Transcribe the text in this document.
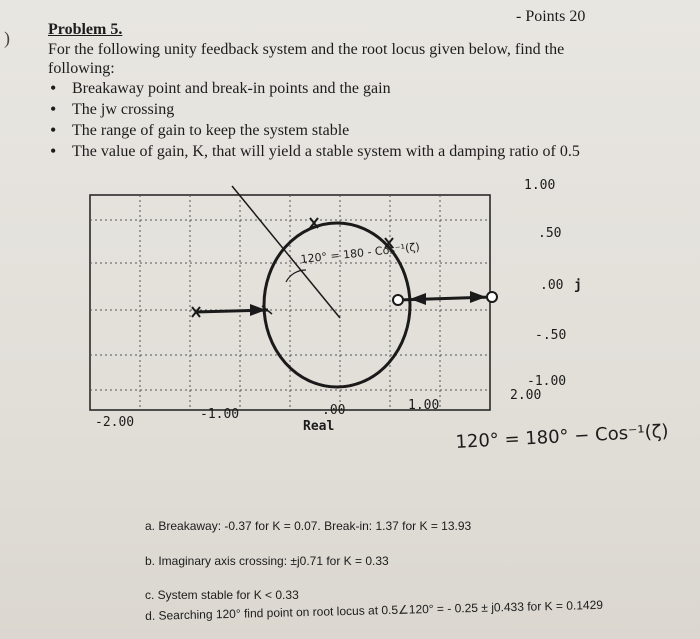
)
- Points 20
Problem 5.
For the following unity feedback system and the root locus given below, find the
following:
• Breakaway point and break-in points and the gain
• The jw crossing
• The range of gain to keep the system stable
• The value of gain, K, that will yield a stable system with a damping ratio of 0.5
-2.00
-1.00	.00	1.00
2.00
1.00
.50
.00 j
-.50
-1.00
Real
120° = 180 - Cos⁻¹(ζ)
120° = 180° − Cos⁻¹(ζ)
a. Breakaway: -0.37 for K = 0.07. Break-in: 1.37 for K = 13.93
b. Imaginary axis crossing: ±j0.71 for K = 0.33
c. System stable for K < 0.33
d. Searching 120° find point on root locus at 0.5∠120° = - 0.25 ± j0.433 for K = 0.1429
